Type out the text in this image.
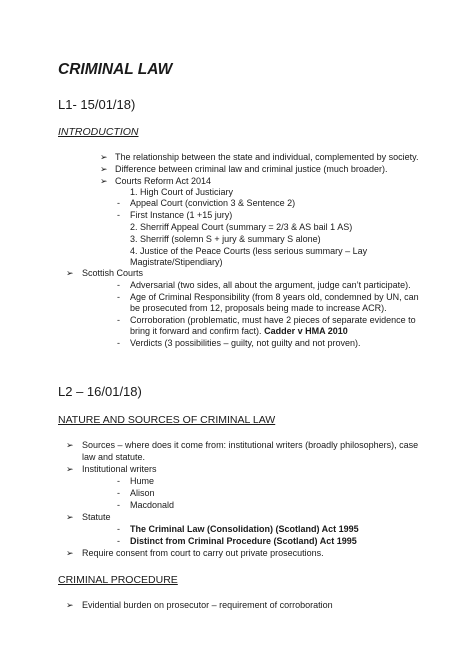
CRIMINAL LAW
L1- 15/01/18)
INTRODUCTION
➢ The relationship between the state and individual, complemented by society.
➢ Difference between criminal law and criminal justice (much broader).
➢ Courts Reform Act 2014
1. High Court of Justiciary
- Appeal Court (conviction 3 & Sentence 2)
- First Instance (1 +15 jury)
2. Sherriff Appeal Court (summary = 2/3 & AS bail 1 AS)
3. Sherriff (solemn S + jury & summary S alone)
4. Justice of the Peace Courts (less serious summary – Lay
Magistrate/Stipendiary)
➢ Scottish Courts
- Adversarial (two sides, all about the argument, judge can’t participate).
- Age of Criminal Responsibility (from 8 years old, condemned by UN, can
be prosecuted from 12, proposals being made to increase ACR).
- Corroboration (problematic, must have 2 pieces of separate evidence to
bring it forward and confirm fact). Cadder v HMA 2010
- Verdicts (3 possibilities – guilty, not guilty and not proven).
L2 – 16/01/18)
NATURE AND SOURCES OF CRIMINAL LAW
➢ Sources – where does it come from: institutional writers (broadly philosophers), case
law and statute.
➢ Institutional writers
- Hume
- Alison
- Macdonald
➢ Statute
- The Criminal Law (Consolidation) (Scotland) Act 1995
- Distinct from Criminal Procedure (Scotland) Act 1995
➢ Require consent from court to carry out private prosecutions.
CRIMINAL PROCEDURE
➢ Evidential burden on prosecutor – requirement of corroboration
